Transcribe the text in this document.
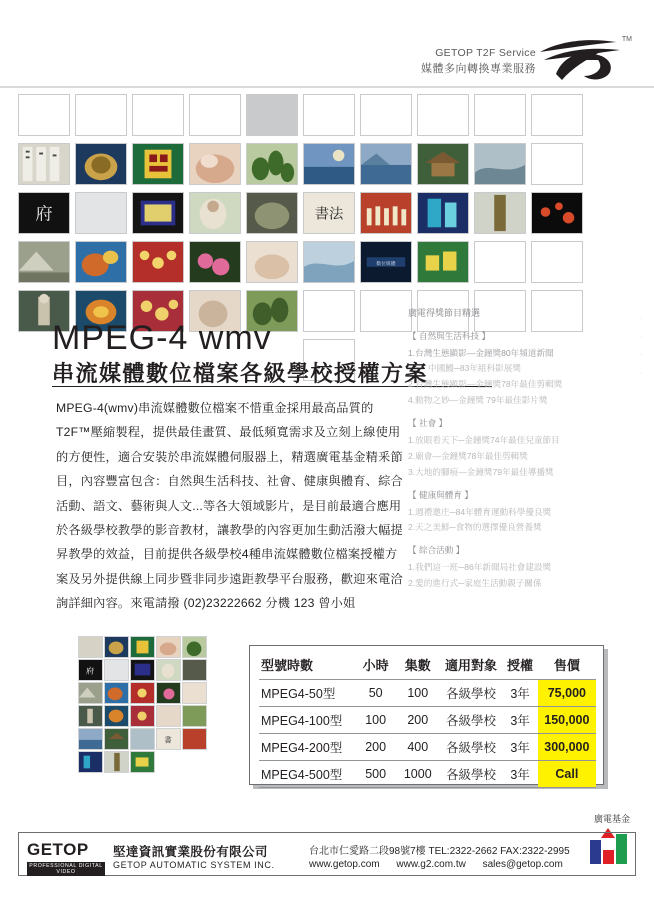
GETOP T2F Service
媒體多向轉換專業服務
TM
府	書法
數位媒體
MPEG-4 wmv
串流媒體數位檔案各級學校授權方案

MPEG-4(wmv)串流媒體數位檔案不惜重金採用最高品質的T2F™壓縮製程，提供最佳畫質、最低頻寬需求及立刻上線使用的方便性，適合安裝於串流媒體伺服器上，精選廣電基金精釆節目，內容豐富包含：自然與生活科技、社會、健康與體育、綜合活動、語文、藝術與人文...等各大領域影片，是目前最適合應用於各級學校教學的影音教材，讓教學的內容更加生動活潑大幅提昇教學的效益，目前提供各級學校4種串流媒體數位檔案授權方案及另外提供線上同步暨非同步遠距教學平台服務，歡迎來電洽詢詳細內容。來電請撥 (02)23222662 分機 123 曾小姐

廣電得獎節目精選
【 自然與生活科技 】
1.台灣生態顯影—金鐘獎80年頻道新聞
中國鰻─83年組科影展獎
2.台灣生態顯影—金鐘獎78年最佳剪輯獎
4.動物之妙—金鐘獎 79年最佳影片獎
【 社會 】
1.放眼看天下─金鐘獎74年最佳兒童節目
2.廟會—金鐘獎78年最佳剪輯獎
3.大地的腳痕—金鐘獎79年最佳導播獎
【 健康與體育 】
1.週禮邀庄─84年體育運動科學優良獎
2.天之美鮮─食物的選擇優良營養獎
【 綜合活動 】
1.我們這一班─86年新聞局社會建設獎
2.愛的進行式─家庭生活動親子關係
·
·
·
·
府
書
型號時數	小時	集數	適用對象	授權	售價
MPEG4-50型	50	100	各級學校	3年	75,000
MPEG4-100型	100	200	各級學校	3年	150,000
MPEG4-200型	200	400	各級學校	3年	300,000
MPEG4-500型	500	1000	各級學校	3年	Call
廣電基金
GETOP
PROFESSIONAL DIGITAL VIDEO
堅達資訊實業股份有限公司
GETOP AUTOMATIC SYSTEM INC.
台北市仁愛路二段98號7樓 TEL:2322-2662 FAX:2322-2995
www.getop.com www.g2.com.tw sales@getop.com
